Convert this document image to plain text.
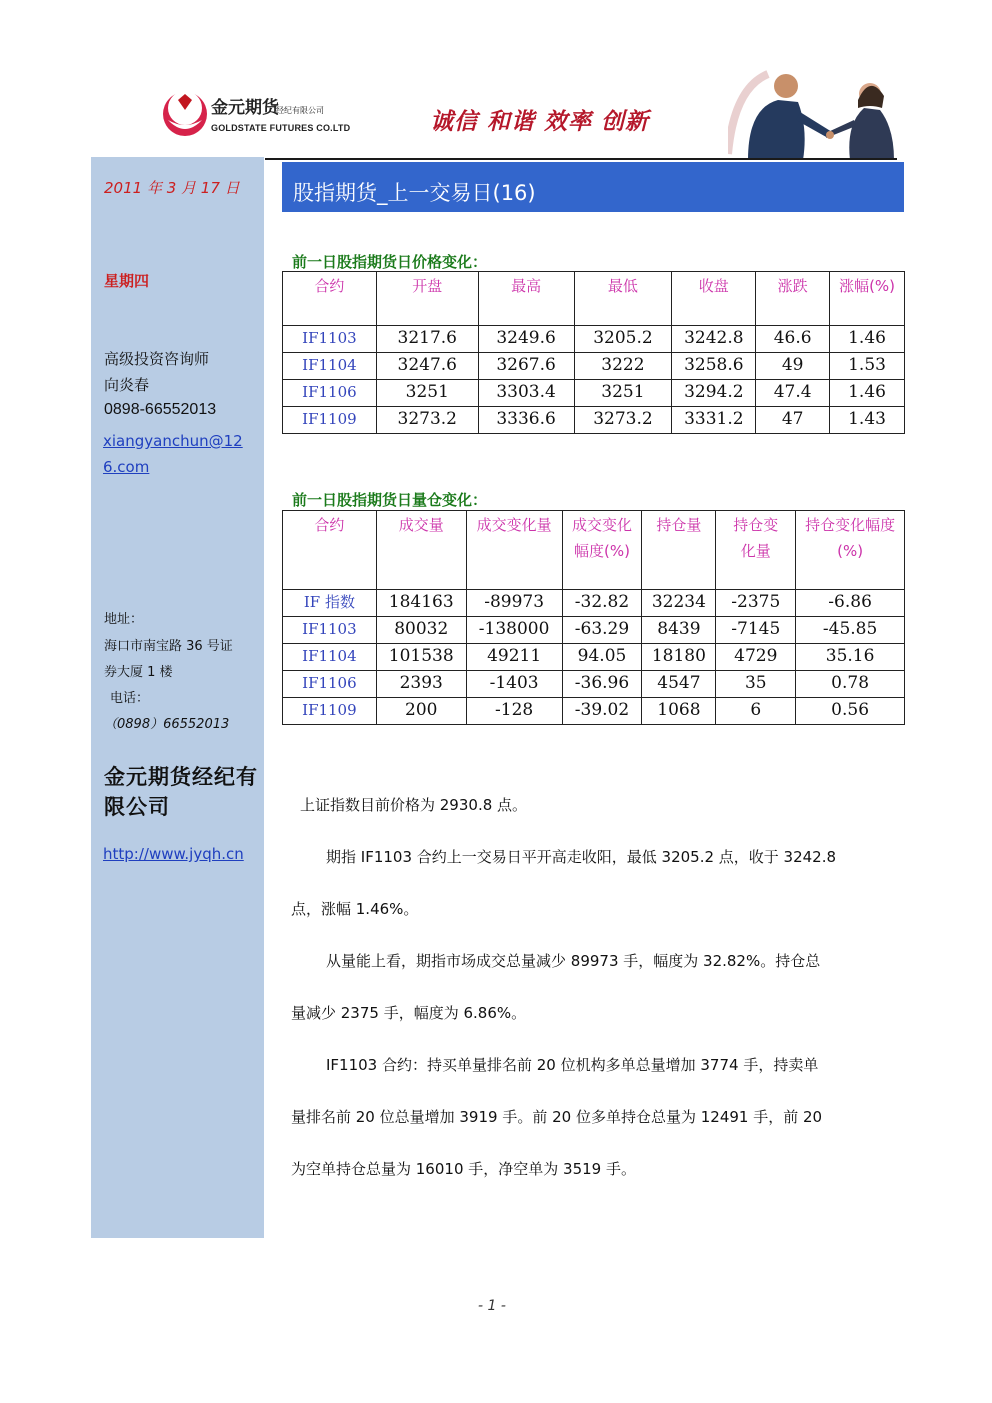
金元期货
经纪有限公司
GOLDSTATE FUTURES CO.LTD	诚信 和谐 效率 创新
2011 年 3 月 17 日
星期四
高级投资咨询师
向炎春
0898-66552013
xiangyanchun@126.com
地址：
海口市南宝路 36 号证
券大厦 1 楼
电话：
（0898）66552013
金元期货经纪有限公司
http://www.jyqh.cn
股指期货_上一交易日(16)
前一日股指期货日价格变化：
合约	开盘	最高	最低	收盘	涨跌	涨幅(%)
IF1103	3217.6	3249.6	3205.2	3242.8	46.6	1.46
IF1104	3247.6	3267.6	3222	3258.6	49	1.53
IF1106	3251	3303.4	3251	3294.2	47.4	1.46
IF1109	3273.2	3336.6	3273.2	3331.2	47	1.43
前一日股指期货日量仓变化：
合约	成交量	成交变化量	成交变化幅度(%)	持仓量	持仓变化量	持仓变化幅度(%)
IF 指数	184163	-89973	-32.82	32234	-2375	-6.86
IF1103	80032	-138000	-63.29	8439	-7145	-45.85
IF1104	101538	49211	94.05	18180	4729	35.16
IF1106	2393	-1403	-36.96	4547	35	0.78
IF1109	200	-128	-39.02	1068	6	0.56
上证指数目前价格为 2930.8 点。
期指 IF1103 合约上一交易日平开高走收阳，最低 3205.2 点，收于 3242.8
点，涨幅 1.46%。
从量能上看，期指市场成交总量减少 89973 手，幅度为 32.82%。持仓总
量减少 2375 手，幅度为 6.86%。
IF1103 合约：持买单量排名前 20 位机构多单总量增加 3774 手，持卖单
量排名前 20 位总量增加 3919 手。前 20 位多单持仓总量为 12491 手，前 20
为空单持仓总量为 16010 手，净空单为 3519 手。
- 1 -
